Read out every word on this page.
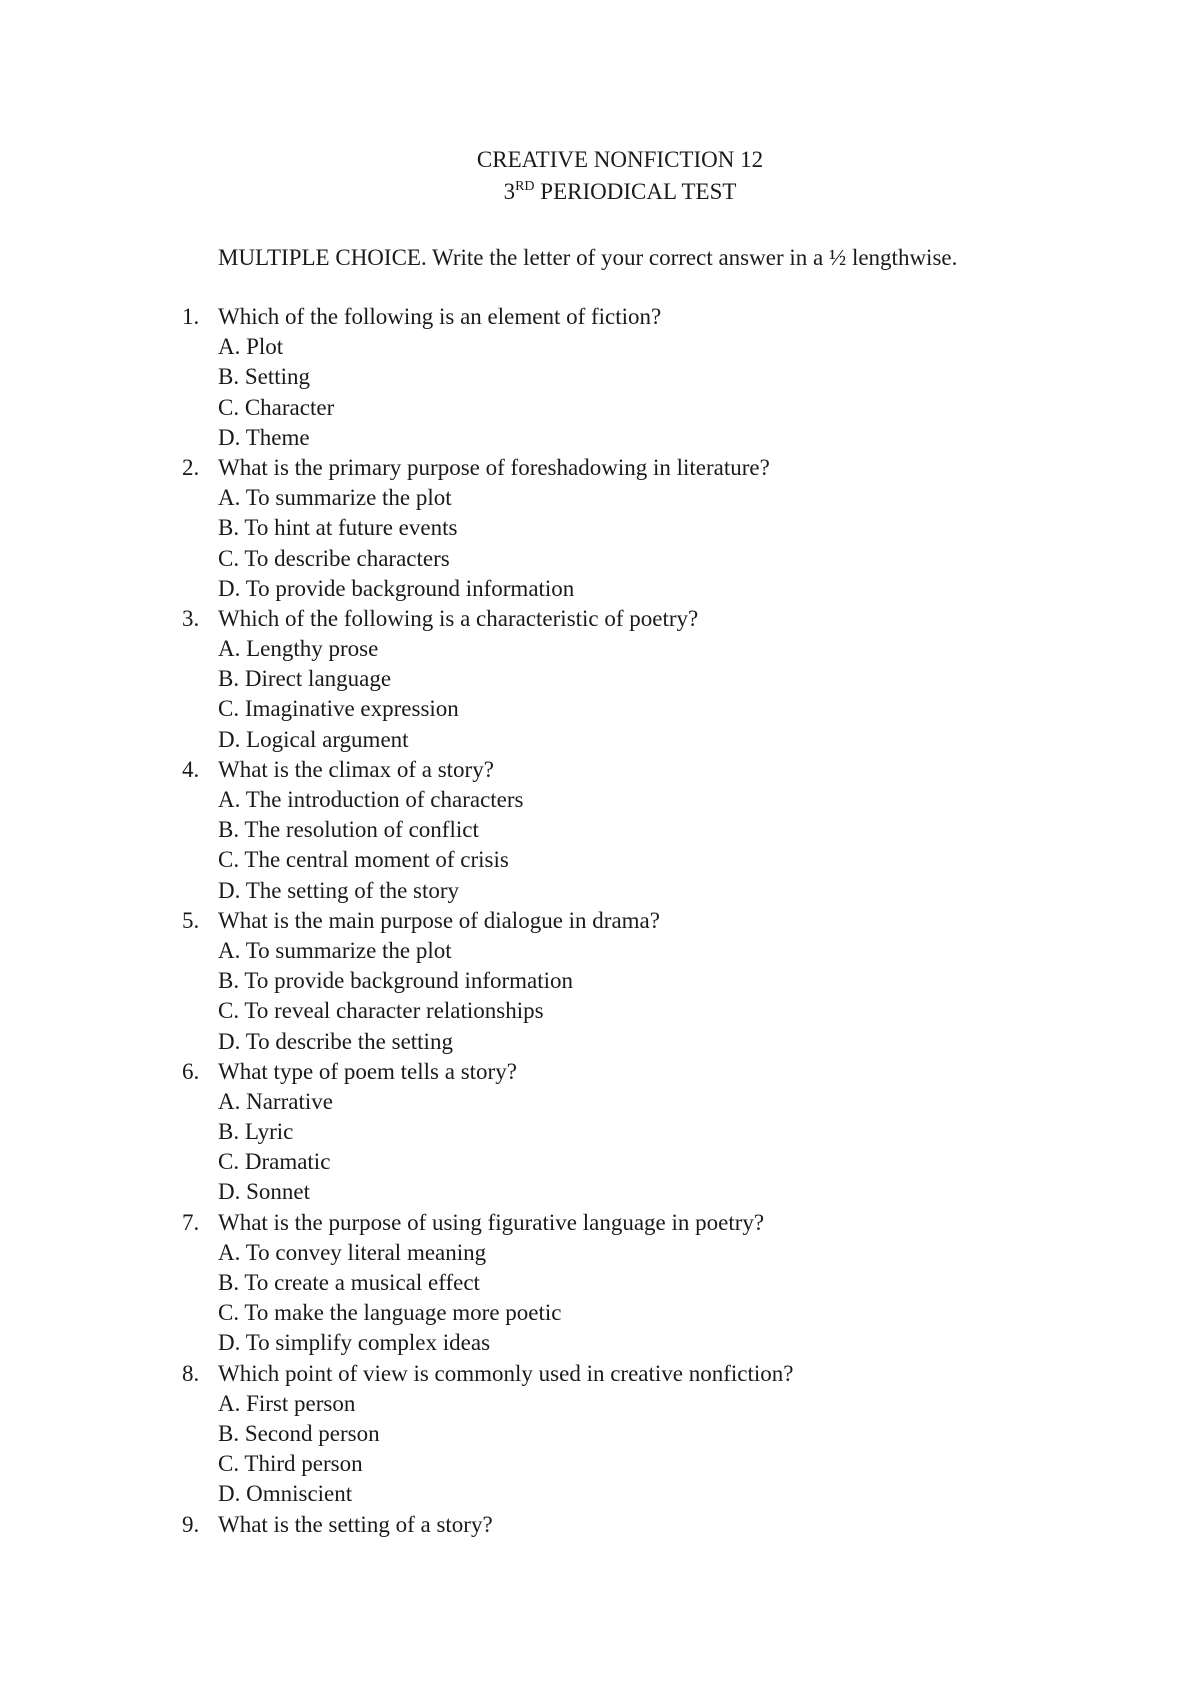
CREATIVE NONFICTION 12
3RD PERIODICAL TEST
MULTIPLE CHOICE. Write the letter of your correct answer in a ½ lengthwise.
1. Which of the following is an element of fiction?
A. Plot
B. Setting
C. Character
D. Theme
2. What is the primary purpose of foreshadowing in literature?
A. To summarize the plot
B. To hint at future events
C. To describe characters
D. To provide background information
3. Which of the following is a characteristic of poetry?
A. Lengthy prose
B. Direct language
C. Imaginative expression
D. Logical argument
4. What is the climax of a story?
A. The introduction of characters
B. The resolution of conflict
C. The central moment of crisis
D. The setting of the story
5. What is the main purpose of dialogue in drama?
A. To summarize the plot
B. To provide background information
C. To reveal character relationships
D. To describe the setting
6. What type of poem tells a story?
A. Narrative
B. Lyric
C. Dramatic
D. Sonnet
7. What is the purpose of using figurative language in poetry?
A. To convey literal meaning
B. To create a musical effect
C. To make the language more poetic
D. To simplify complex ideas
8. Which point of view is commonly used in creative nonfiction?
A. First person
B. Second person
C. Third person
D. Omniscient
9. What is the setting of a story?
